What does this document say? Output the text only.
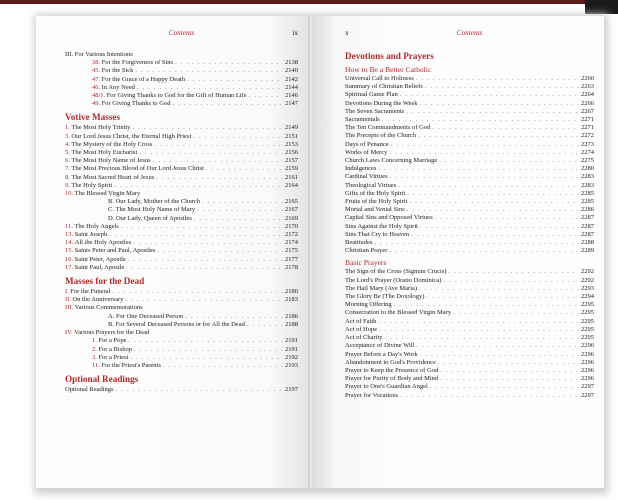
Contents	ix
III. For Various Intentions
38. For the Forgiveness of Sins . . .	2138
45. For the Sick . . .	2140
47. For the Grace of a Happy Death . . .	2142
46. In Any Need . . .	2144
48/1. For Giving Thanks to God for the Gift of Human Life . . .	2146
49. For Giving Thanks to God . . .	2147
Votive Masses
1. The Most Holy Trinity . . .	2149
3. Our Lord Jesus Christ, the Eternal High Priest . . .	2151
4. The Mystery of the Holy Cross . . .	2153
5. The Most Holy Eucharist . . .	2156
6. The Most Holy Name of Jesus . . .	2157
7. The Most Precious Blood of Our Lord Jesus Christ . . .	2159
8. The Most Sacred Heart of Jesus . . .	2161
9. The Holy Spirit . . .	2164
10. The Blessed Virgin Mary
B. Our Lady, Mother of the Church . . .	2165
C. The Most Holy Name of Mary . . .	2167
D. Our Lady, Queen of Apostles . . .	2169
11. The Holy Angels . . .	2170
13. Saint Joseph . . .	2172
14. All the Holy Apostles . . .	2174
15. Saints Peter and Paul, Apostles . . .	2175
16. Saint Peter, Apostle . . .	2177
17. Saint Paul, Apostle . . .	2178
Masses for the Dead
I. For the Funeral . . .	2180
II. On the Anniversary . . .	2183
III. Various Commemorations
A. For One Deceased Person . . .	2186
B. For Several Deceased Persons or for All the Dead . . .	2188
IV. Various Prayers for the Dead
1. For a Pope . . .	2191
2. For a Bishop . . .	2191
3. For a Priest . . .	2192
11. For the Priest's Parents . . .	2193
Optional Readings
Optional Readings . . .	2197
x	Contents
Devotions and Prayers
How to Be a Better Catholic
Universal Call to Holiness . . .	2260
Summary of Christian Beliefs . . .	2263
Spiritual Game Plan . . .	2264
Devotions During the Week . . .	2266
The Seven Sacraments . . .	2267
Sacramentals . . .	2271
The Ten Commandments of God . . .	2271
The Precepts of the Church . . .	2272
Days of Penance . . .	2273
Works of Mercy . . .	2274
Church Laws Concerning Marriage . . .	2275
Indulgences . . .	2280
Cardinal Virtues . . .	2283
Theological Virtues . . .	2283
Gifts of the Holy Spirit . . .	2285
Fruits of the Holy Spirit . . .	2285
Mortal and Venial Sins . . .	2286
Capital Sins and Opposed Virtues . . .	2287
Sins Against the Holy Spirit . . .	2287
Sins That Cry to Heaven . . .	2287
Beatitudes . . .	2288
Christian Prayer . . .	2289
Basic Prayers
The Sign of the Cross (Signum Crucis) . . .	2292
The Lord's Prayer (Oratio Dominica) . . .	2292
The Hail Mary (Ave Maria) . . .	2293
The Glory Be (The Doxology) . . .	2294
Morning Offering . . .	2295
Consecration to the Blessed Virgin Mary . . .	2295
Act of Faith . . .	2295
Act of Hope . . .	2295
Act of Charity . . .	2295
Acceptance of Divine Will . . .	2296
Prayer Before a Day's Work . . .	2296
Abandonment to God's Providence . . .	2296
Prayer to Keep the Presence of God . . .	2296
Prayer for Purity of Body and Mind . . .	2296
Prayer to One's Guardian Angel . . .	2297
Prayer for Vocations . . .	2297
